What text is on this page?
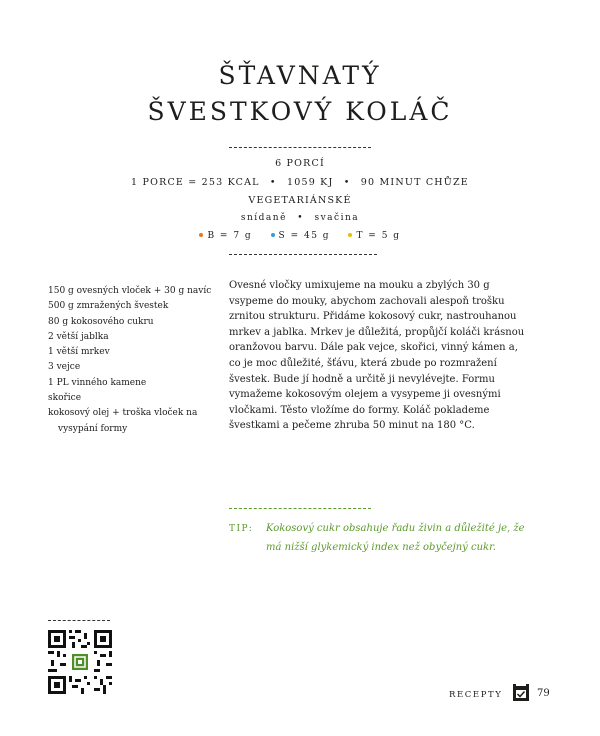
ŠŤAVNATÝ
ŠVESTKOVÝ KOLÁČ
6 PORCÍ
1 PORCE = 253 KCAL • 1059 KJ • 90 MINUT CHŮZE
VEGETARIÁNSKÉ
snídaně • svačina
B = 7 g	S = 45 g	T = 5 g
150 g ovesných vloček + 30 g navíc
500 g zmražených švestek
80 g kokosového cukru
2 větší jablka
1 větší mrkev
3 vejce
1 PL vinného kamene
skořice
kokosový olej + troška vloček na vysypání formy

Ovesné vločky umixujeme na mouku a zbylých 30 g vsypeme do mouky, abychom zachovali alespoň trošku zrnitou strukturu. Přidáme kokosový cukr, nastrouhanou mrkev a jablka. Mrkev je důležitá, propůjčí koláči krásnou oranžovou barvu. Dále pak vejce, skořici, vinný kámen a, co je moc důležité, šťávu, která zbude po rozmražení švestek. Bude jí hodně a určitě ji nevylévejte. Formu vymažeme kokosovým olejem a vysypeme ji ovesnými vločkami. Těsto vložíme do formy. Koláč poklademe švestkami a pečeme zhruba 50 minut na 180 °C.

TIP: Kokosový cukr obsahuje řadu živin a důležité je, že má nižší glykemický index než obyčejný cukr.
RECEPTY	79
